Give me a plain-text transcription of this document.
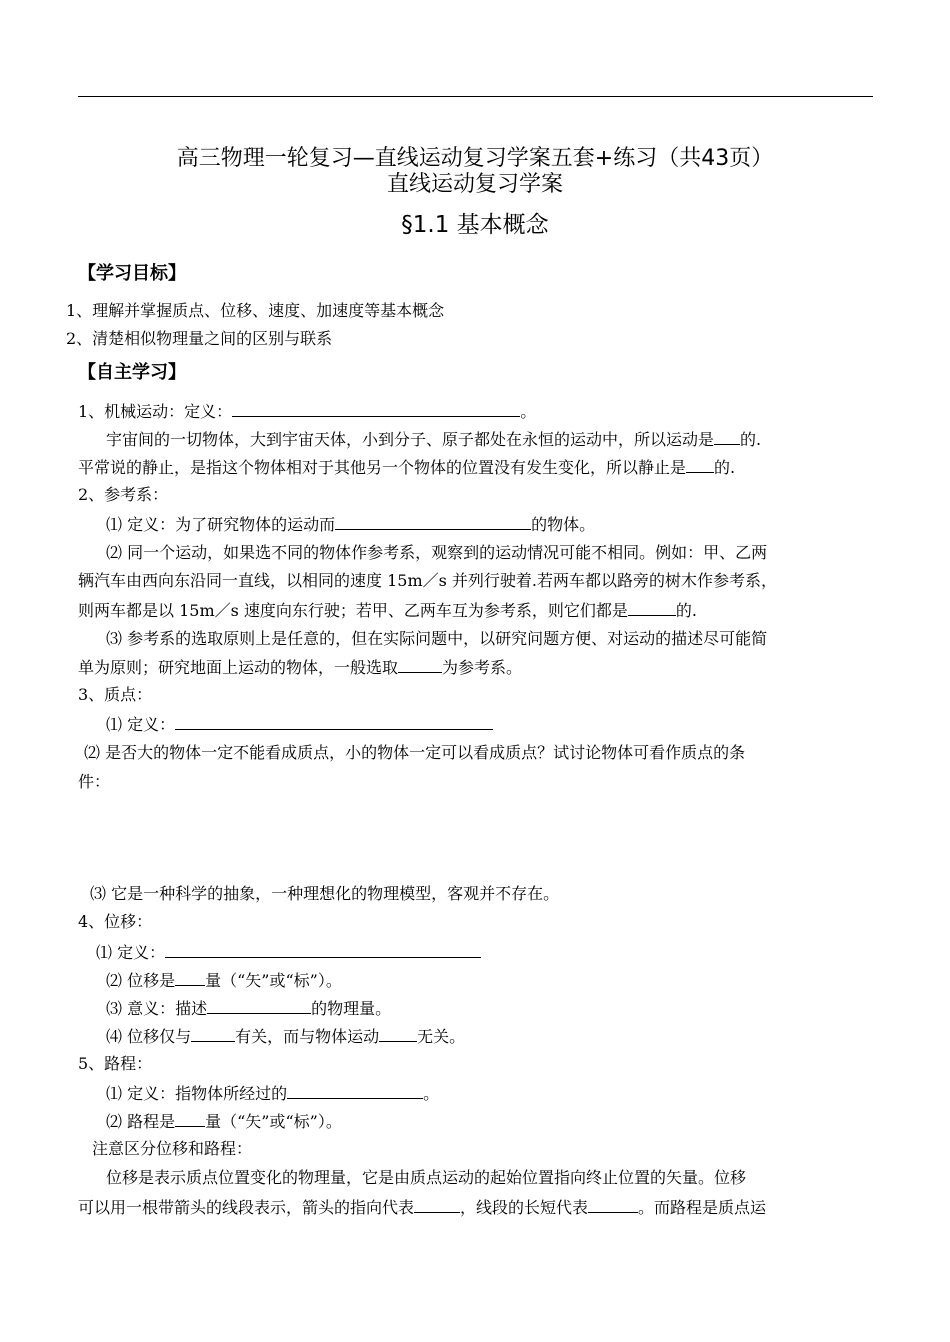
高三物理一轮复习—直线运动复习学案五套+练习（共43页）
直线运动复习学案
§1.1 基本概念
【学习目标】
1、理解并掌握质点、位移、速度、加速度等基本概念
2、清楚相似物理量之间的区别与联系
【自主学习】
1、机械运动：定义：	。
宇宙间的一切物体，大到宇宙天体，小到分子、原子都处在永恒的运动中，所以运动是 的.
平常说的静止，是指这个物体相对于其他另一个物体的位置没有发生变化，所以静止是 的.
2、参考系：
⑴ 定义：为了研究物体的运动而	的物体。
⑵ 同一个运动，如果选不同的物体作参考系，观察到的运动情况可能不相同。例如：甲、乙两
辆汽车由西向东沿同一直线，以相同的速度 15m／s 并列行驶着.若两车都以路旁的树木作参考系，
则两车都是以 15m／s 速度向东行驶；若甲、乙两车互为参考系，则它们都是	的.
⑶ 参考系的选取原则上是任意的，但在实际问题中，以研究问题方便、对运动的描述尽可能简
单为原则；研究地面上运动的物体，一般选取	为参考系。
3、质点：
⑴ 定义：
⑵ 是否大的物体一定不能看成质点，小的物体一定可以看成质点？试讨论物体可看作质点的条
件：
⑶ 它是一种科学的抽象，一种理想化的物理模型，客观并不存在。
4、位移：
⑴ 定义：
⑵ 位移是 量（“矢”或“标”）。
⑶ 意义：描述	的物理量。
⑷ 位移仅与	有关，而与物体运动 无关。
5、路程：
⑴ 定义：指物体所经过的	。
⑵ 路程是 量（“矢”或“标”）。
注意区分位移和路程：
位移是表示质点位置变化的物理量，它是由质点运动的起始位置指向终止位置的矢量。位移
可以用一根带箭头的线段表示，箭头的指向代表	，线段的长短代表	。而路程是质点运
